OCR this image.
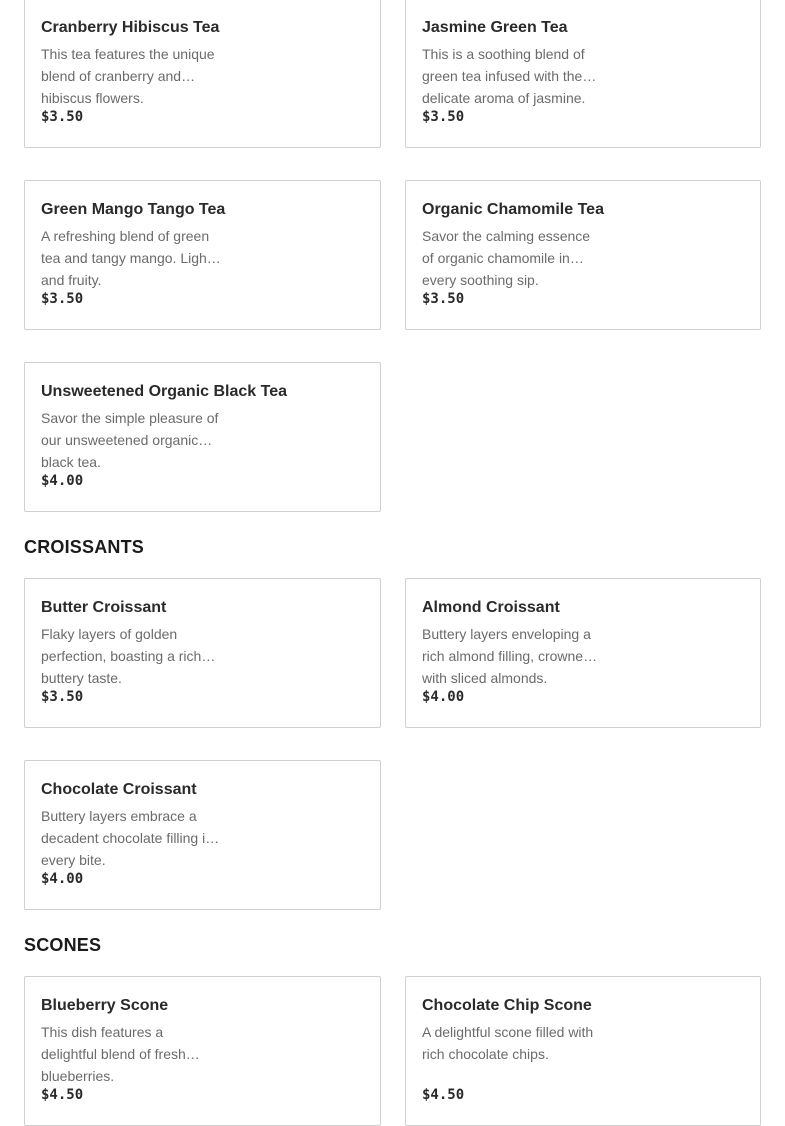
Cranberry Hibiscus Tea
This tea features the unique blend of cranberry and hibiscus flowers.
$3.50
Jasmine Green Tea
This is a soothing blend of green tea infused with the delicate aroma of jasmine.
$3.50
Green Mango Tango Tea
A refreshing blend of green tea and tangy mango. Light and fruity.
$3.50
Organic Chamomile Tea
Savor the calming essence of organic chamomile in every soothing sip.
$3.50
Unsweetened Organic Black Tea
Savor the simple pleasure of our unsweetened organic black tea.
$4.00
CROISSANTS
Butter Croissant
Flaky layers of golden perfection, boasting a rich buttery taste.
$3.50
Almond Croissant
Buttery layers enveloping a rich almond filling, crowned with sliced almonds.
$4.00
Chocolate Croissant
Buttery layers embrace a decadent chocolate filling in every bite.
$4.00
SCONES
Blueberry Scone
This dish features a delightful blend of fresh blueberries.
$4.50
Chocolate Chip Scone
A delightful scone filled with rich chocolate chips.
$4.50
